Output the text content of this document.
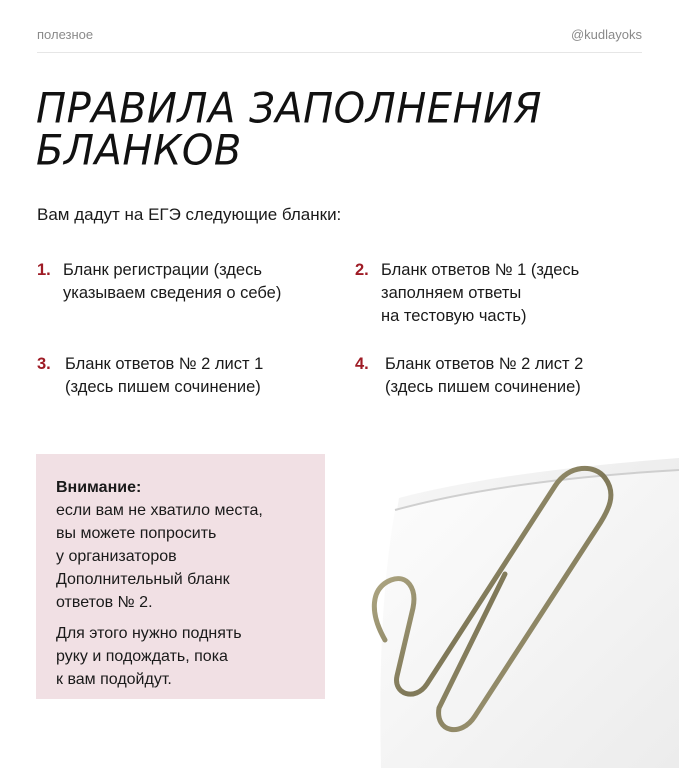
полезное	@kudlayoks
ПРАВИЛА ЗАПОЛНЕНИЯ
БЛАНКОВ
Вам дадут на ЕГЭ следующие бланки:
1. Бланк регистрации (здесь
указываем сведения о себе)
2. Бланк ответов № 1 (здесь
заполняем ответы
на тестовую часть)
3. Бланк ответов № 2 лист 1
(здесь пишем сочинение)
4. Бланк ответов № 2 лист 2
(здесь пишем сочинение)
Внимание:
если вам не хватило места,
вы можете попросить
у организаторов
Дополнительный бланк
ответов № 2.
Для этого нужно поднять
руку и подождать, пока
к вам подойдут.
